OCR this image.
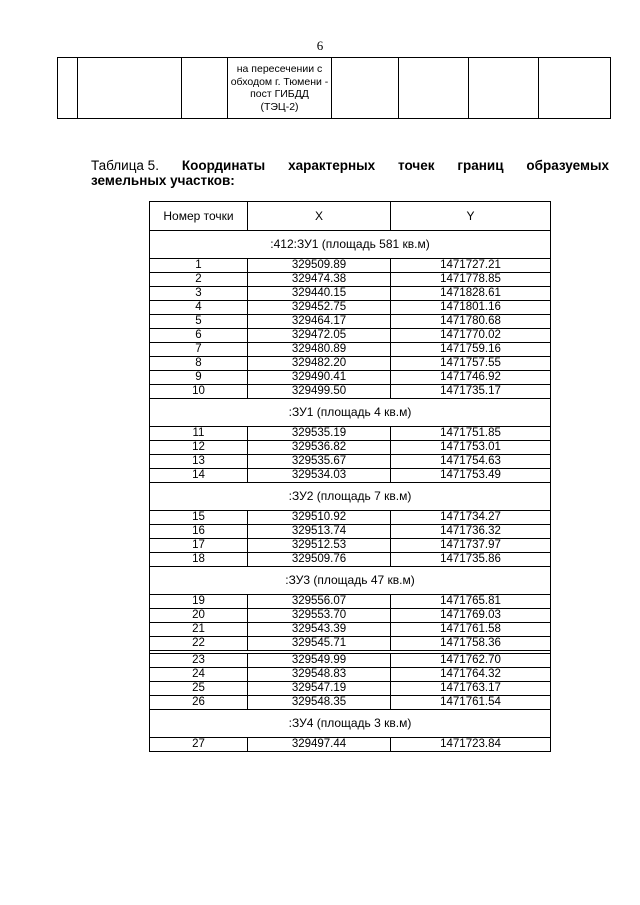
6
			на пересечении с обходом г. Тюмени - пост ГИБДД (ТЭЦ-2)				
Таблица 5. Координаты характерных точек границ образуемых
земельных участков:
Номер точки	X	Y
:412:ЗУ1 (площадь 581 кв.м)		
1	329509.89	1471727.21
2	329474.38	1471778.85
3	329440.15	1471828.61
4	329452.75	1471801.16
5	329464.17	1471780.68
6	329472.05	1471770.02
7	329480.89	1471759.16
8	329482.20	1471757.55
9	329490.41	1471746.92
10	329499.50	1471735.17
:ЗУ1 (площадь 4 кв.м)		
11	329535.19	1471751.85
12	329536.82	1471753.01
13	329535.67	1471754.63
14	329534.03	1471753.49
:ЗУ2 (площадь 7 кв.м)		
15	329510.92	1471734.27
16	329513.74	1471736.32
17	329512.53	1471737.97
18	329509.76	1471735.86
:ЗУ3 (площадь 47 кв.м)		
19	329556.07	1471765.81
20	329553.70	1471769.03
21	329543.39	1471761.58
22	329545.71	1471758.36

23	329549.99	1471762.70
24	329548.83	1471764.32
25	329547.19	1471763.17
26	329548.35	1471761.54
:ЗУ4 (площадь 3 кв.м)		
27	329497.44	1471723.84
